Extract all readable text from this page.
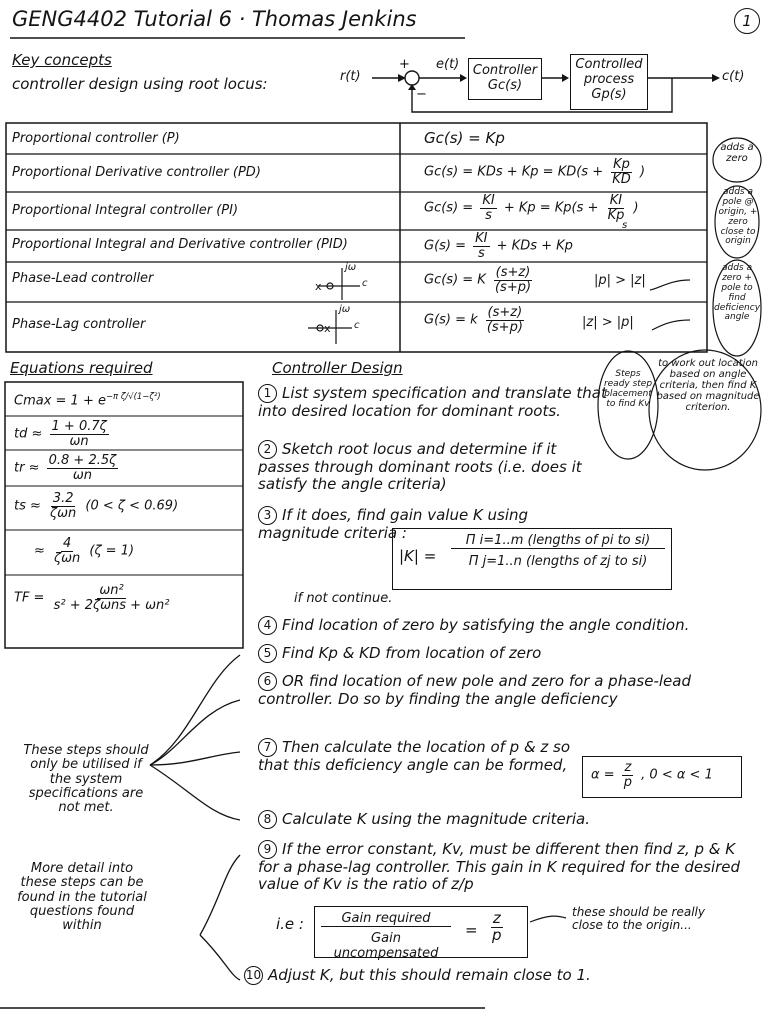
GENG4402 Tutorial 6 · Thomas Jenkins	1
x
x
Key concepts
controller design using root locus:	r(t)
+
−
e(t) Controller
Gc(s)
Controlled
process
Gp(s)
c(t)
Proportional controller (P)	Gc(s) = Kp
Proportional Derivative controller (PD)	Gc(s) = KDs + $Kp = KD(s + \frac{Kp}{KD}$ )
Proportional Integral controller (PI)	$Gc(s) = \frac{KI}{s} + Kp = Kp(s + \frac{KI}{Kp}$ )
s
Proportional Integral and Derivative controller (PID)	$G(s) = \frac{KI}{s}$ + KDs + Kp
Phase-Lead controller	c
jω
Gc(s) = K $\frac{(s+z)}{(s+p)}$	|p| > |z|
Phase-Lag controller	c
jω
G(s) = k $\frac{(s+z)}{(s+p)}$	|z| > |p|
adds a zero
adds a pole @ origin, + zero close to origin
adds a zero + pole to find deficiency angle
Steps ready step placement to find Kv
to work out location based on angle criteria, then find K based on magnitude criterion.
Equations required
$Cmax = 1 + e^{-\pi \zeta/√(1-\zeta^2)}$
td ≈ $\frac{1 + 0.7\zeta}{\omega n}$
tr ≈ $\frac{0.8 + 2.5\zeta}{\omega n}$
ts ≈ $\frac{3.2}{\text{ζωn}} (0 < \zeta < 0.69)$
≈ $\frac{4}{\text{ζωn}} (\zeta = 1)$
TF = $\frac{\text{ωn²}}{\text{s² + 2ζωns + ωn²}}$
Controller Design
1 List system specification and translate that into desired location for dominant roots.
2 Sketch root locus and determine if it passes through dominant roots (i.e. does it satisfy the angle criteria)
3 If it does, find gain value K using magnitude criteria :
|K| =
Π i=1..m (lengths of pi to si)
Π j=1..n (lengths of zj to si)
if not continue.
4 Find location of zero by satisfying the angle condition.
5 Find Kp & KD from location of zero
6 OR find location of new pole and zero for a phase-lead controller. Do so by finding the angle deficiency
7 Then calculate the location of p & z so that this deficiency angle can be formed,
$\alpha = \frac{z}{p}$ , 0 < α < 1
8 Calculate K using the magnitude criteria.
9 If the error constant, Kv, must be different then find z, p & K for a phase-lag controller. This gain in K required for the desired value of Kv is the ratio of z/p
i.e :	Gain required
Gain uncompensated
= $\frac{z}{p}$	these should be really close to the origin...
10 Adjust K, but this should remain close to 1.
These steps should only be utilised if the system specifications are not met.
More detail into these steps can be found in the tutorial questions found within
